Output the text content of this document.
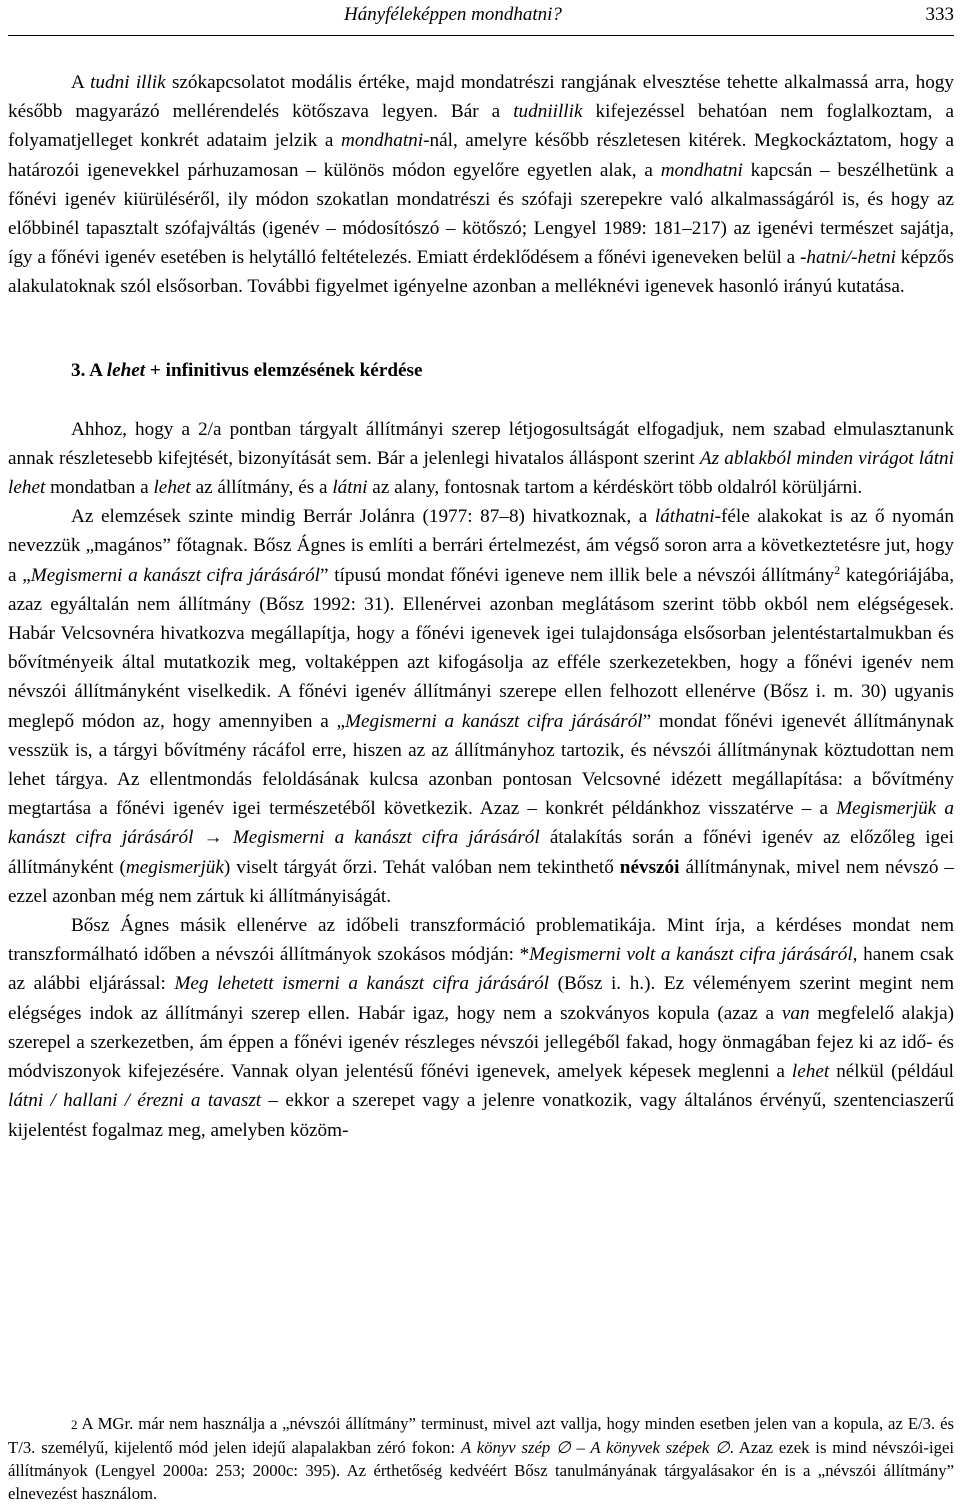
Hányféleképpen mondhatni?	333

A tudni illik szókapcsolatot modális értéke, majd mondatrészi rangjának elvesztése tehette alkalmassá arra, hogy később magyarázó mellérendelés kötőszava legyen. Bár a tudniillik kifejezéssel behatóan nem foglalkoztam, a folyamatjelleget konkrét adataim jelzik a mondhatni-nál, amelyre később részletesen kitérek. Megkockáztatom, hogy a határozói igenevekkel párhuzamosan – különös módon egyelőre egyetlen alak, a mondhatni kapcsán – beszélhetünk a főnévi igenév kiürüléséről, ily módon szokatlan mondatrészi és szófaji szerepekre való alkalmasságáról is, és hogy az előbbinél tapasztalt szófajváltás (igenév – módosítószó – kötőszó; Lengyel 1989: 181–217) az igenévi természet sajátja, így a főnévi igenév esetében is helytálló feltételezés. Emiatt érdeklődésem a főnévi igeneveken belül a -hatni/-hetni képzős alakulatoknak szól elsősorban. További figyelmet igényelne azonban a melléknévi igenevek hasonló irányú kutatása.

3. A lehet + infinitivus elemzésének kérdése

Ahhoz, hogy a 2/a pontban tárgyalt állítmányi szerep létjogosultságát elfogadjuk, nem szabad elmulasztanunk annak részletesebb kifejtését, bizonyítását sem. Bár a jelenlegi hivatalos álláspont szerint Az ablakból minden virágot látni lehet mondatban a lehet az állítmány, és a látni az alany, fontosnak tartom a kérdéskört több oldalról körüljárni.

Az elemzések szinte mindig Berrár Jolánra (1977: 87–8) hivatkoznak, a láthatni-féle alakokat is az ő nyomán nevezzük „magános” főtagnak. Bősz Ágnes is említi a berrári értelmezést, ám végső soron arra a következtetésre jut, hogy a „Megismerni a kanászt cifra járásáról” típusú mondat főnévi igeneve nem illik bele a névszói állítmány$^2$ kategóriájába, azaz egyáltalán nem állítmány (Bősz 1992: 31). Ellenérvei azonban meglátásom szerint több okból nem elégségesek. Habár Velcsovnéra hivatkozva megállapítja, hogy a főnévi igenevek igei tulajdonsága elsősorban jelentéstartalmukban és bővítményeik által mutatkozik meg, voltaképpen azt kifogásolja az efféle szerkezetekben, hogy a főnévi igenév nem névszói állítmányként viselkedik. A főnévi igenév állítmányi szerepe ellen felhozott ellenérve (Bősz i. m. 30) ugyanis meglepő módon az, hogy amennyiben a „Megismerni a kanászt cifra járásáról” mondat főnévi igenevét állítmánynak vesszük is, a tárgyi bővítmény rácáfol erre, hiszen az az állítmányhoz tartozik, és névszói állítmánynak köztudottan nem lehet tárgya. Az ellentmondás feloldásának kulcsa azonban pontosan Velcsovné idézett megállapítása: a bővítmény megtartása a főnévi igenév igei természetéből következik. Azaz – konkrét példánkhoz visszatérve – a Megismerjük a kanászt cifra járásáról → Megismerni a kanászt cifra járásáról átalakítás során a főnévi igenév az előzőleg igei állítmányként (megismerjük) viselt tárgyát őrzi. Tehát valóban nem tekinthető névszói állítmánynak, mivel nem névszó – ezzel azonban még nem zártuk ki állítmányiságát.

Bősz Ágnes másik ellenérve az időbeli transzformáció problematikája. Mint írja, a kérdéses mondat nem transzformálható időben a névszói állítmányok szokásos módján: *Megismerni volt a kanászt cifra járásáról, hanem csak az alábbi eljárással: Meg lehetett ismerni a kanászt cifra járásáról (Bősz i. h.). Ez véleményem szerint megint nem elégséges indok az állítmányi szerep ellen. Habár igaz, hogy nem a szokványos kopula (azaz a van megfelelő alakja) szerepel a szerkezetben, ám éppen a főnévi igenév részleges névszói jellegéből fakad, hogy önmagában fejez ki az idő- és módviszonyok kifejezésére. Vannak olyan jelentésű főnévi igenevek, amelyek képesek meglenni a lehet nélkül (például látni / hallani / érezni a tavaszt – ekkor a szerepet vagy a jelenre vonatkozik, vagy általános érvényű, szentenciaszerű kijelentést fogalmaz meg, amelyben közöm-

2 A MGr. már nem használja a „névszói állítmány” terminust, mivel azt vallja, hogy minden esetben jelen van a kopula, az E/3. és T/3. személyű, kijelentő mód jelen idejű alapalakban zéró fokon: A könyv szép ∅ – A könyvek szépek ∅. Azaz ezek is mind névszói-igei állítmányok (Lengyel 2000a: 253; 2000c: 395). Az érthetőség kedvéért Bősz tanulmányának tárgyalásakor én is a „névszói állítmány” elnevezést használom.
